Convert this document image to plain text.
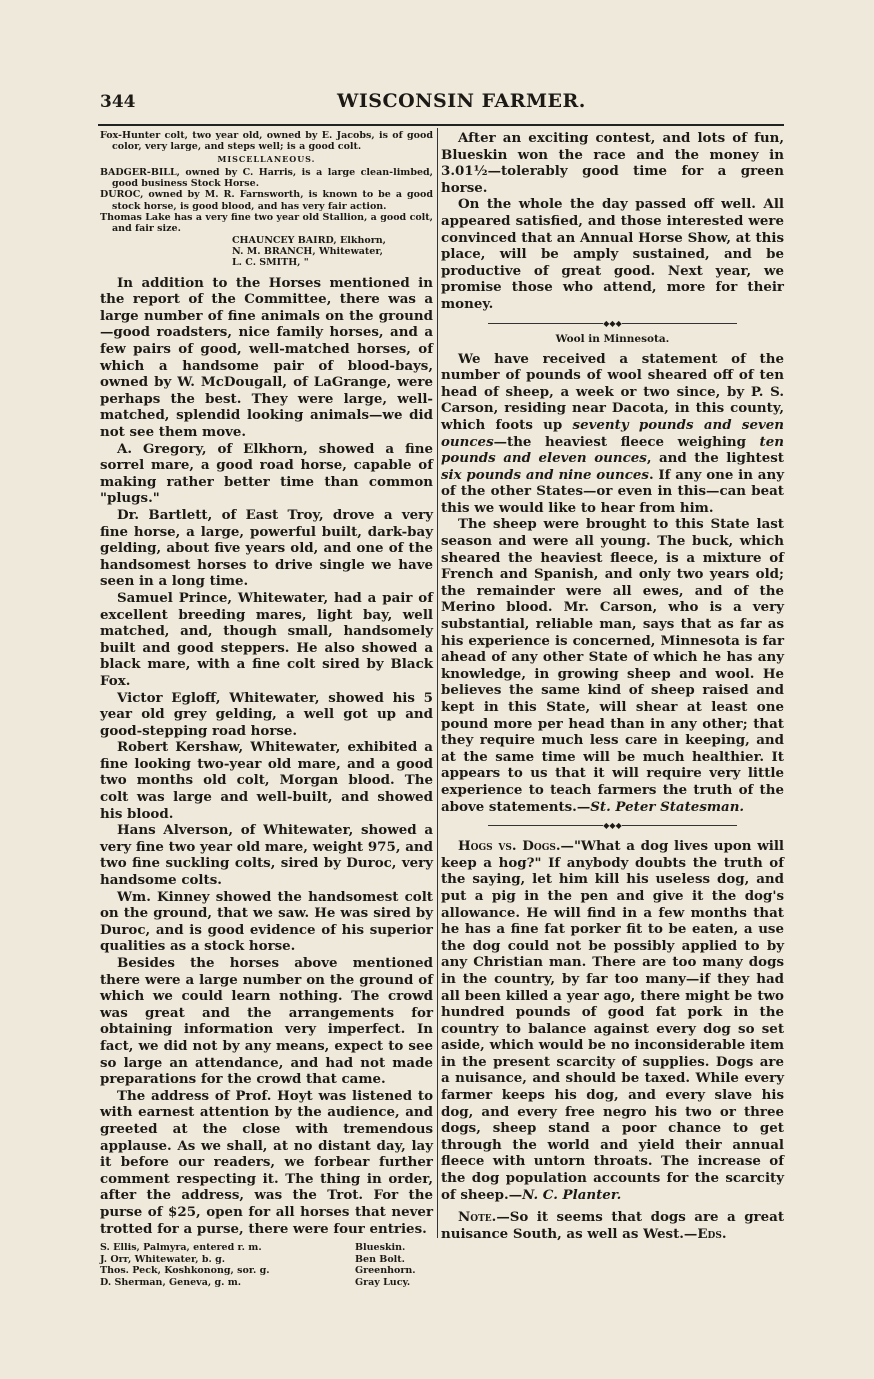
344	WISCONSIN FARMER.
Fox-Hunter colt, two year old, owned by E. Jacobs, is of good color, very large, and steps well; is a good colt.
MISCELLANEOUS.
BADGER-BILL, owned by C. Harris, is a large clean-limbed, good business Stock Horse.
DUROC, owned by M. R. Farnsworth, is known to be a good stock horse, is good blood, and has very fair action.
Thomas Lake has a very fine two year old Stallion, a good colt, and fair size.
CHAUNCEY BAIRD, Elkhorn,
N. M. BRANCH, Whitewater,
L. C. SMITH, "

In addition to the Horses mentioned in the report of the Committee, there was a large number of fine animals on the ground—good roadsters, nice family horses, and a few pairs of good, well-matched horses, of which a handsome pair of blood-bays, owned by W. McDougall, of LaGrange, were perhaps the best. They were large, well-matched, splendid looking animals—we did not see them move.

A. Gregory, of Elkhorn, showed a fine sorrel mare, a good road horse, capable of making rather better time than common "plugs."

Dr. Bartlett, of East Troy, drove a very fine horse, a large, powerful built, dark-bay gelding, about five years old, and one of the handsomest horses to drive single we have seen in a long time.

Samuel Prince, Whitewater, had a pair of excellent breeding mares, light bay, well matched, and, though small, handsomely built and good steppers. He also showed a black mare, with a fine colt sired by Black Fox.

Victor Egloff, Whitewater, showed his 5 year old grey gelding, a well got up and good-stepping road horse.

Robert Kershaw, Whitewater, exhibited a fine looking two-year old mare, and a good two months old colt, Morgan blood. The colt was large and well-built, and showed his blood.

Hans Alverson, of Whitewater, showed a very fine two year old mare, weight 975, and two fine suckling colts, sired by Duroc, very handsome colts.

Wm. Kinney showed the handsomest colt on the ground, that we saw. He was sired by Duroc, and is good evidence of his superior qualities as a stock horse.

Besides the horses above mentioned there were a large number on the ground of which we could learn nothing. The crowd was great and the arrangements for obtaining information very imperfect. In fact, we did not by any means, expect to see so large an attendance, and had not made preparations for the crowd that came.

The address of Prof. Hoyt was listened to with earnest attention by the audience, and greeted at the close with tremendous applause. As we shall, at no distant day, lay it before our readers, we forbear further comment respecting it. The thing in order, after the address, was the Trot. For the purse of $25, open for all horses that never trotted for a purse, there were four entries.

S. Ellis, Palmyra, entered r. m.	Blueskin.
J. Orr, Whitewater, b. g.	Ben Bolt.
Thos. Peck, Koshkonong, sor. g.	Greenhorn.
D. Sherman, Geneva, g. m.	Gray Lucy.

After an exciting contest, and lots of fun, Blueskin won the race and the money in 3.01½—tolerably good time for a green horse.

On the whole the day passed off well. All appeared satisfied, and those interested were convinced that an Annual Horse Show, at this place, will be amply sustained, and be productive of great good. Next year, we promise those who attend, more for their money.

◆◆◆
Wool in Minnesota.

We have received a statement of the number of pounds of wool sheared off of ten head of sheep, a week or two since, by P. S. Carson, residing near Dacota, in this county, which foots up seventy pounds and seven ounces—the heaviest fleece weighing ten pounds and eleven ounces, and the lightest six pounds and nine ounces. If any one in any of the other States—or even in this—can beat this we would like to hear from him.

The sheep were brought to this State last season and were all young. The buck, which sheared the heaviest fleece, is a mixture of French and Spanish, and only two years old; the remainder were all ewes, and of the Merino blood. Mr. Carson, who is a very substantial, reliable man, says that as far as his experience is concerned, Minnesota is far ahead of any other State of which he has any knowledge, in growing sheep and wool. He believes the same kind of sheep raised and kept in this State, will shear at least one pound more per head than in any other; that they require much less care in keeping, and at the same time will be much healthier. It appears to us that it will require very little experience to teach farmers the truth of the above statements.—St. Peter Statesman.

◆◆◆

Hogs vs. Dogs.—"What a dog lives upon will keep a hog?" If anybody doubts the truth of the saying, let him kill his useless dog, and put a pig in the pen and give it the dog's allowance. He will find in a few months that he has a fine fat porker fit to be eaten, a use the dog could not be possibly applied to by any Christian man. There are too many dogs in the country, by far too many—if they had all been killed a year ago, there might be two hundred pounds of good fat pork in the country to balance against every dog so set aside, which would be no inconsiderable item in the present scarcity of supplies. Dogs are a nuisance, and should be taxed. While every farmer keeps his dog, and every slave his dog, and every free negro his two or three dogs, sheep stand a poor chance to get through the world and yield their annual fleece with untorn throats. The increase of the dog population accounts for the scarcity of sheep.—N. C. Planter.

Note.—So it seems that dogs are a great nuisance South, as well as West.—Eds.
